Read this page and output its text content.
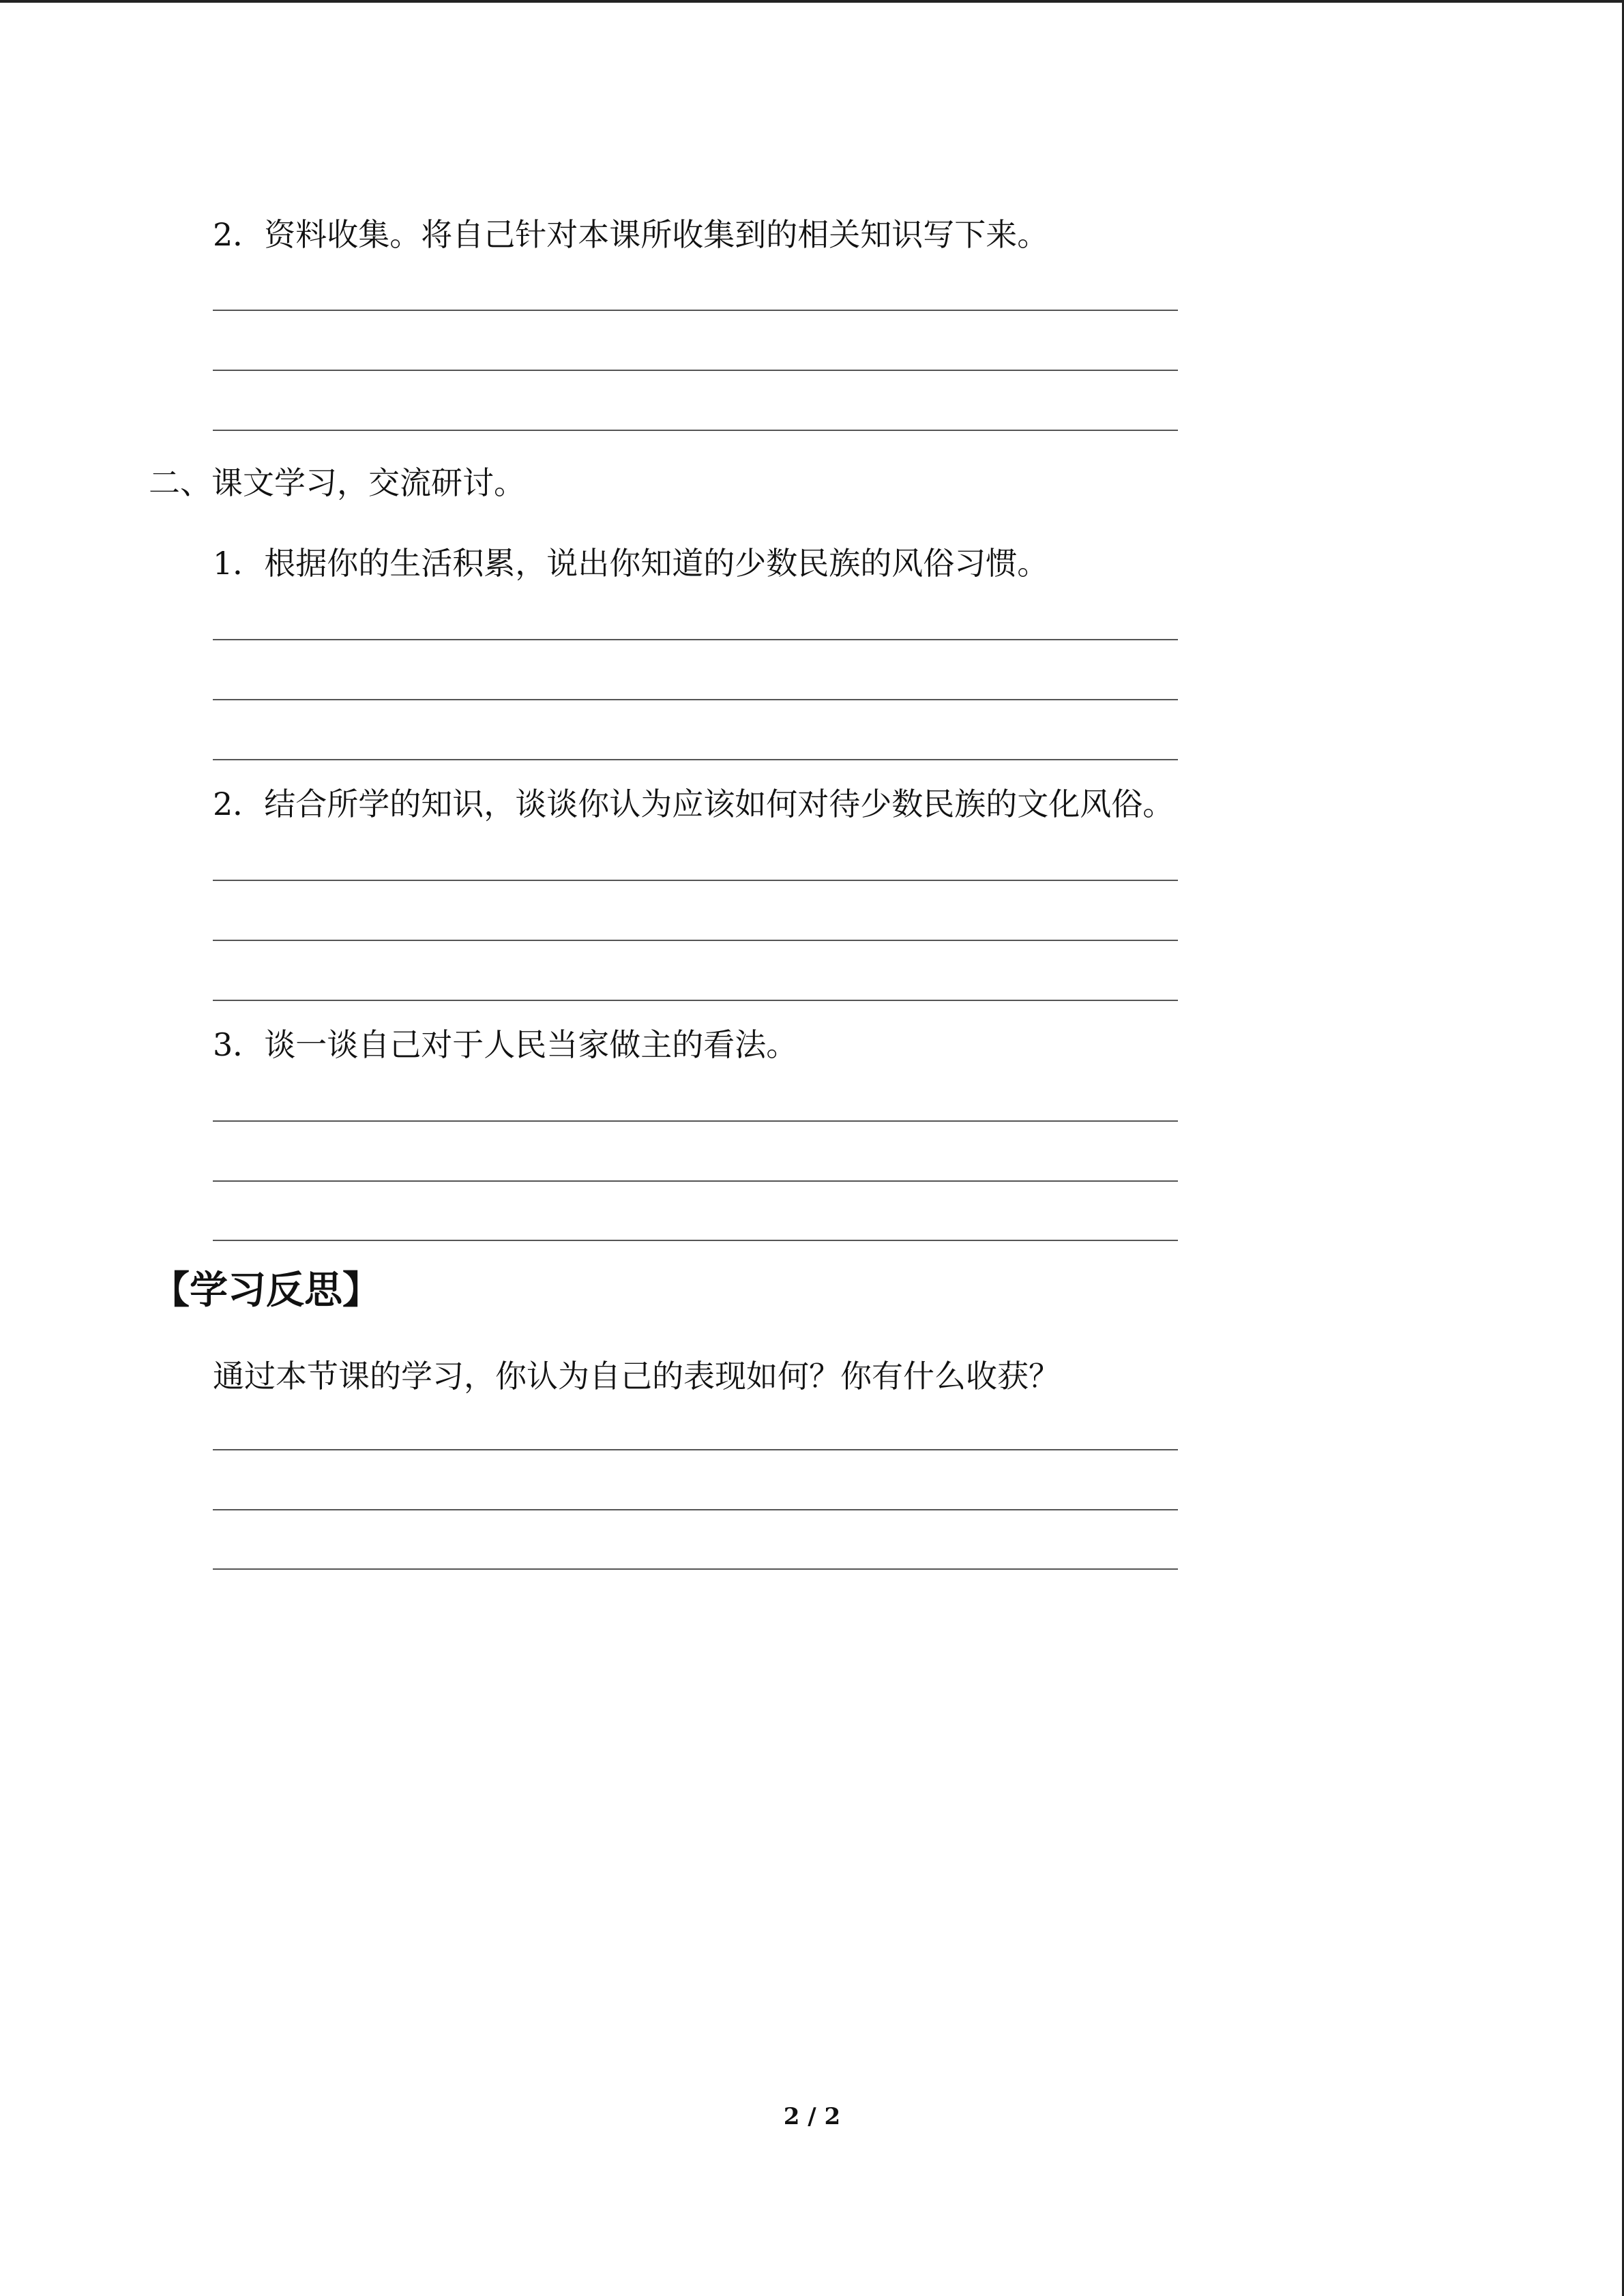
2．资料收集。将自己针对本课所收集到的相关知识写下来。
二、课文学习，交流研讨。
1．根据你的生活积累，说出你知道的少数民族的风俗习惯。
2．结合所学的知识，谈谈你认为应该如何对待少数民族的文化风俗。
3．谈一谈自己对于人民当家做主的看法。
【学习反思】
通过本节课的学习，你认为自己的表现如何？你有什么收获？
2 / 2
